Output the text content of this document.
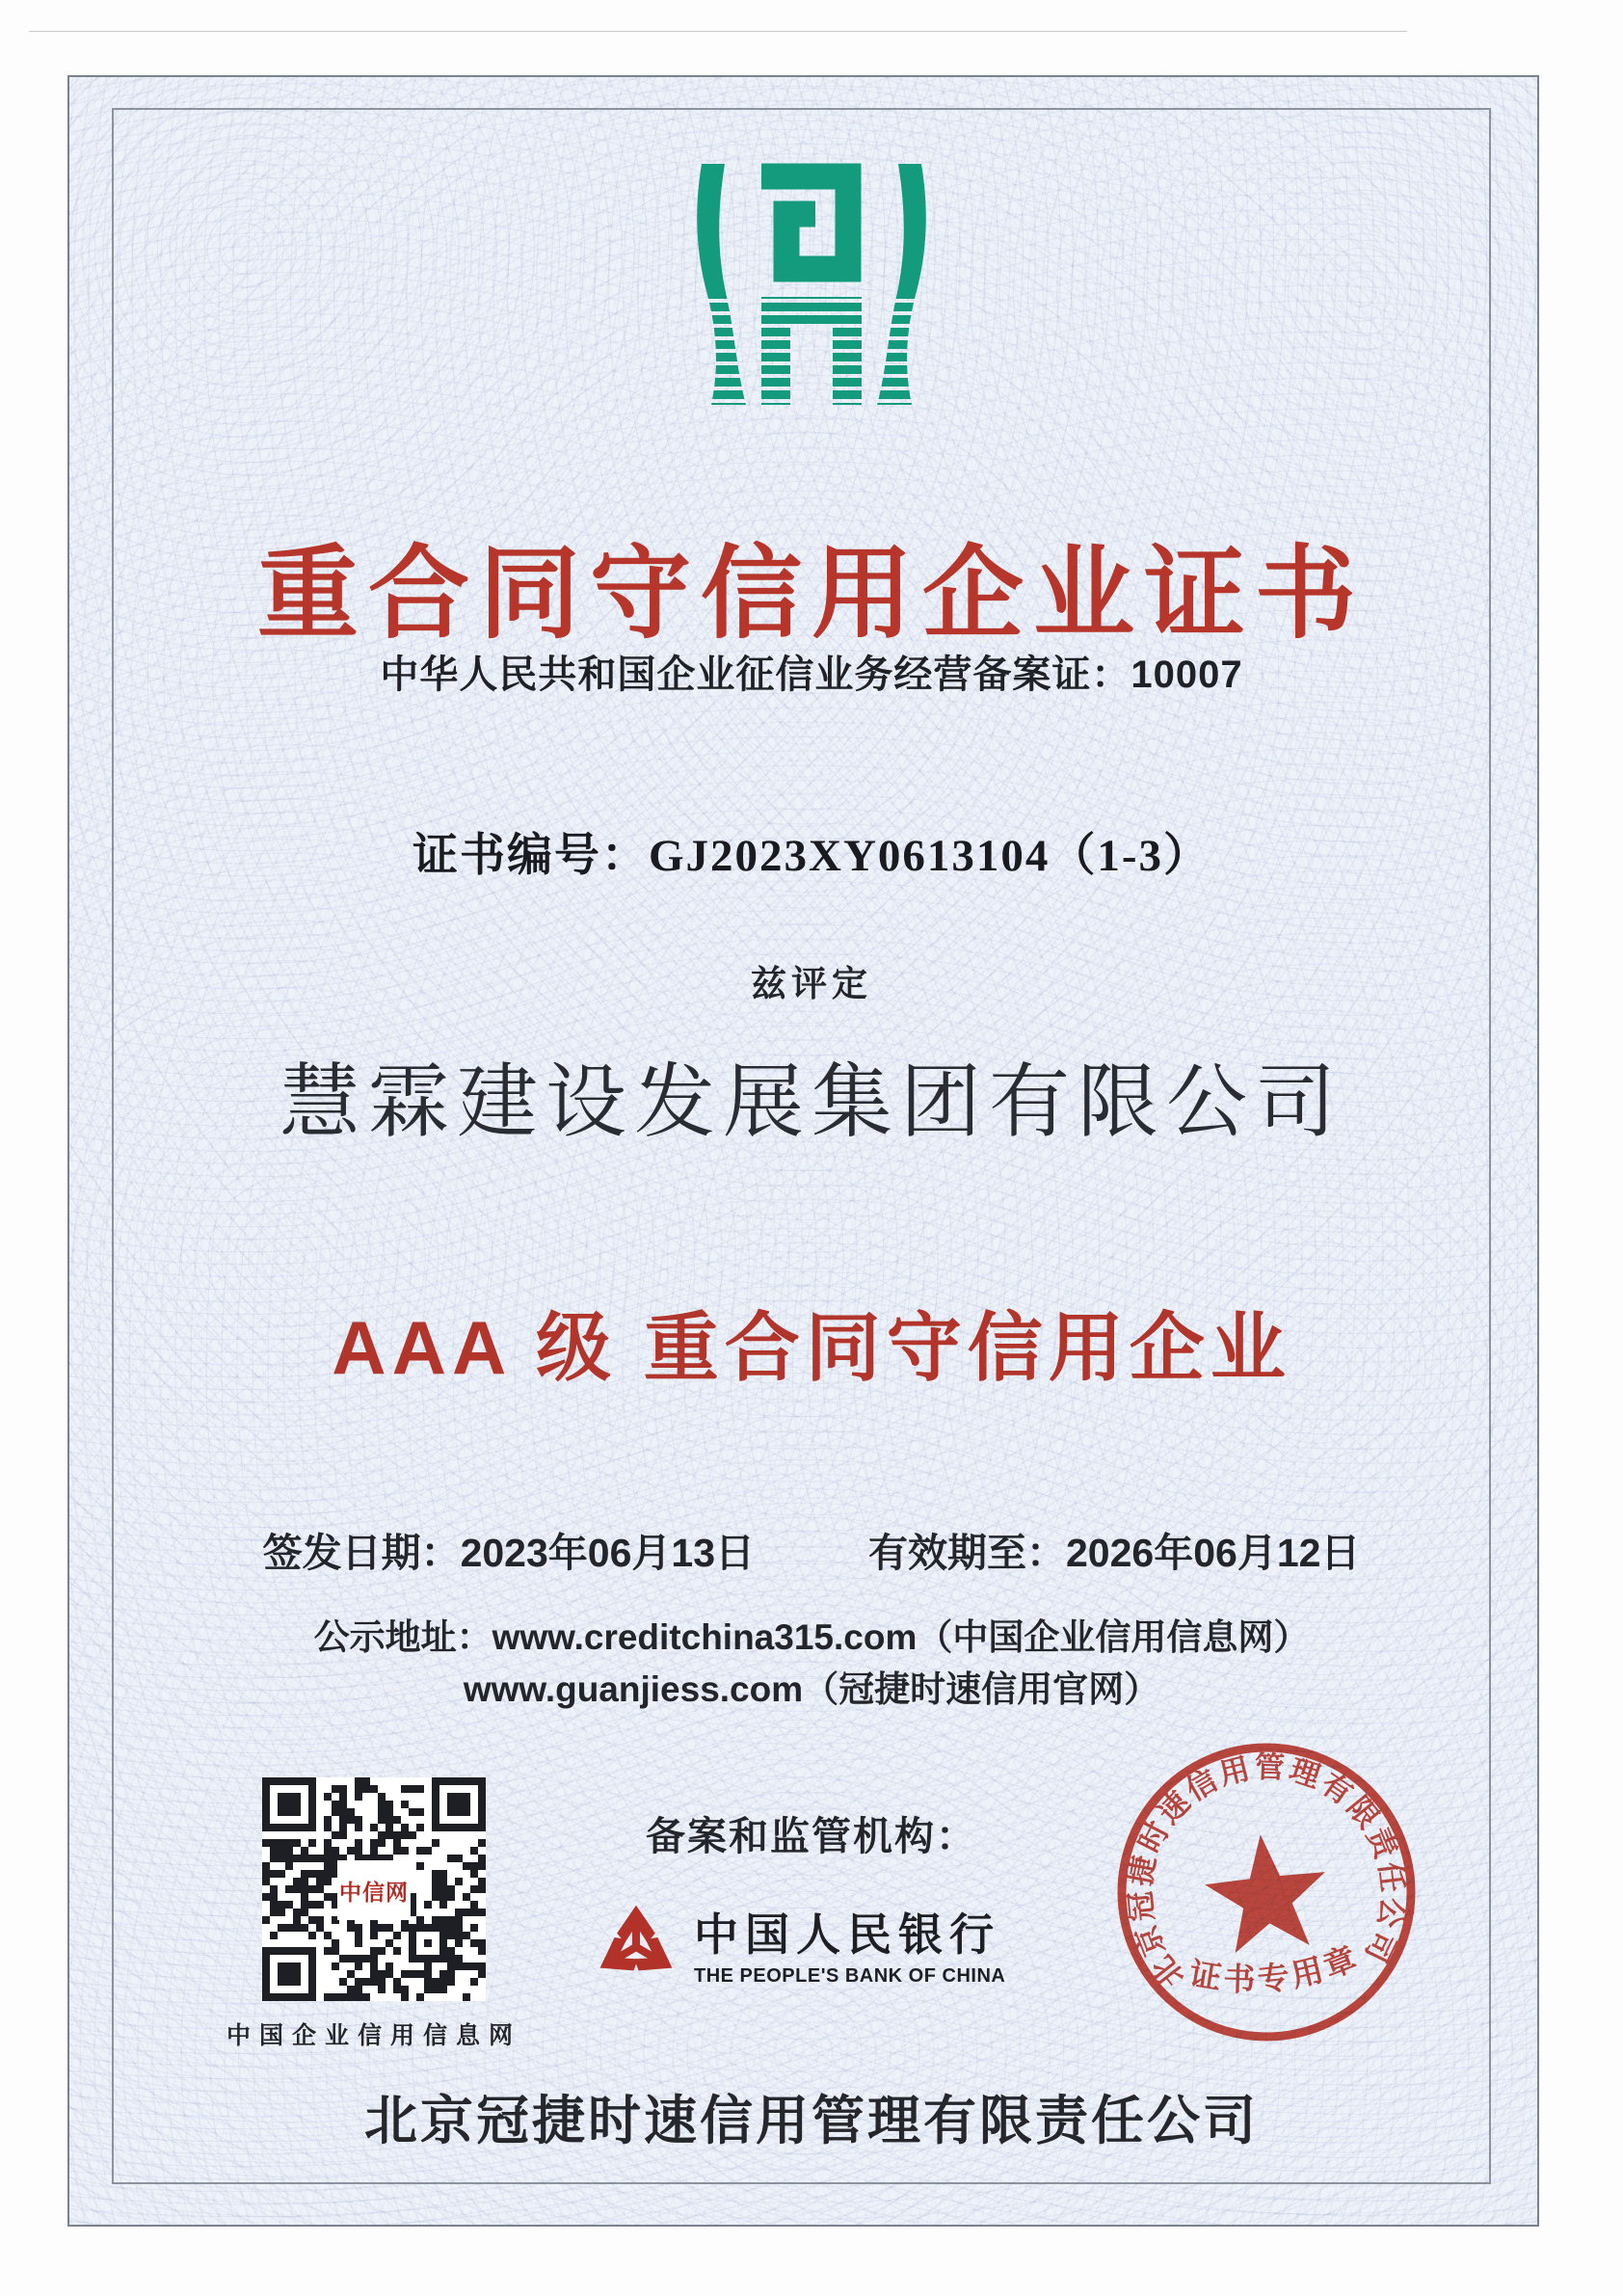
重合同守信用企业证书
中华人民共和国企业征信业务经营备案证：10007
证书编号：GJ2023XY0613104（1-3）
兹评定
慧霖建设发展集团有限公司
AAA 级 重合同守信用企业
签发日期：2023年06月13日	有效期至：2026年06月12日
公示地址：www.creditchina315.com（中国企业信用信息网）
www.guanjiess.com（冠捷时速信用官网）
中信网
中国企业信用信息网
备案和监管机构：
中国人民银行
THE PEOPLE'S BANK OF CHINA	北京冠捷时速信用管理有限责任公司
证书专用章
北京冠捷时速信用管理有限责任公司
